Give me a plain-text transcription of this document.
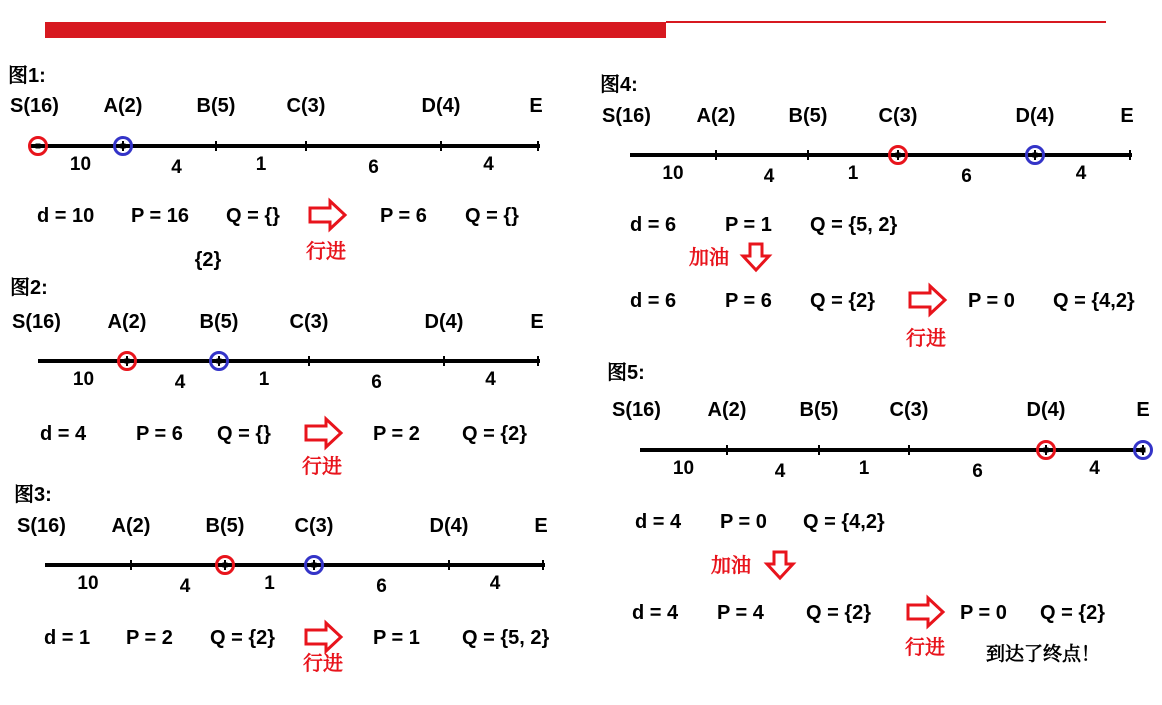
图1:
S(16) A(2)	B(5)	C(3)	D(4)	E
10	4	1	6	4
d = 10 P = 16 Q = {}
行进
P = 6 Q = {}
{2}
图2:
S(16) A(2)	B(5)	C(3)	D(4)	E
10	4	1	6	4
d = 4 P = 6 Q = {}
行进
P = 2 Q = {2}
图3:
S(16) A(2)	B(5)	C(3)	D(4)	E
10	4	1	6	4
d = 1 P = 2 Q = {2}
行进
P = 1 Q = {5, 2}
图4:
S(16) A(2)	B(5)	C(3)	D(4)	E
10	4	1	6	4
d = 6 P = 1 Q = {5, 2}
加油
d = 6 P = 6 Q = {2}
行进
P = 0 Q = {4,2}
图5:
S(16) A(2)	B(5)	C(3)	D(4)	E
10	4	1	6	4
d = 4 P = 0 Q = {4,2}
加油
d = 4 P = 4 Q = {2}
行进
P = 0 Q = {2}
到达了终点！
